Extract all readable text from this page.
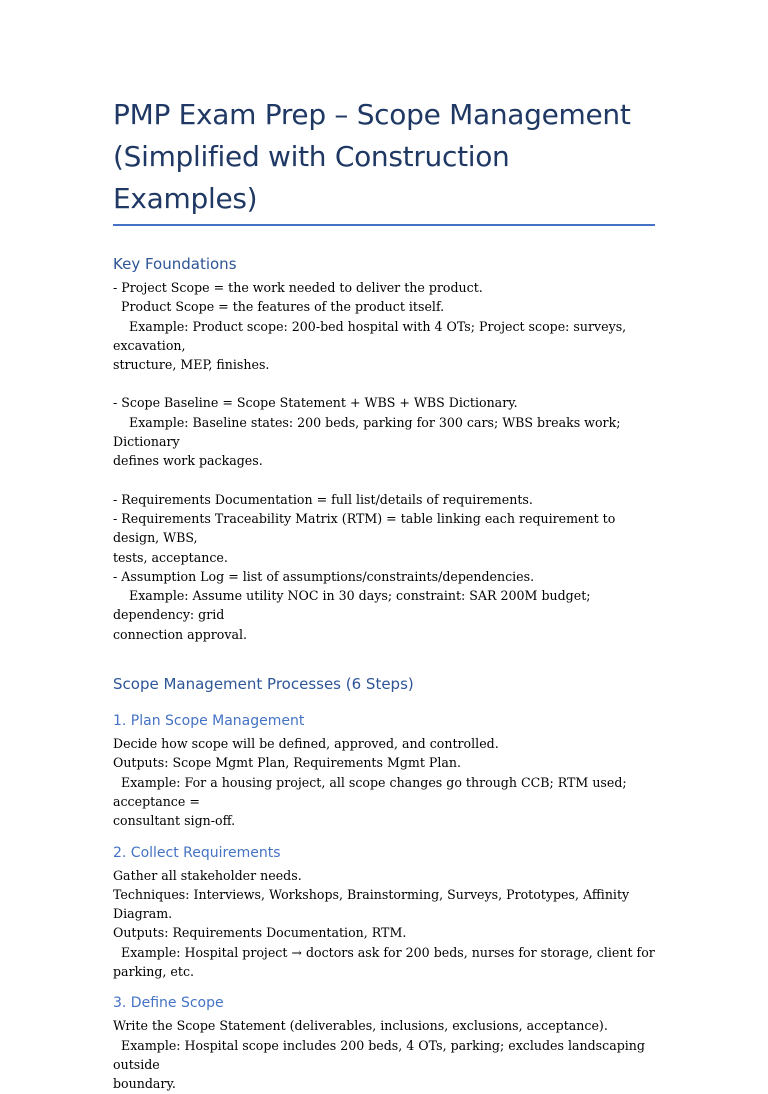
PMP Exam Prep – Scope Management
(Simplified with Construction Examples)
Key Foundations

- Project Scope = the work needed to deliver the product.

Product Scope = the features of the product itself.

Example: Product scope: 200-bed hospital with 4 OTs; Project scope: surveys, excavation,

structure, MEP, finishes.

- Scope Baseline = Scope Statement + WBS + WBS Dictionary.

Example: Baseline states: 200 beds, parking for 300 cars; WBS breaks work; Dictionary

defines work packages.

- Requirements Documentation = full list/details of requirements.

- Requirements Traceability Matrix (RTM) = table linking each requirement to design, WBS,

tests, acceptance.

- Assumption Log = list of assumptions/constraints/dependencies.

Example: Assume utility NOC in 30 days; constraint: SAR 200M budget; dependency: grid

connection approval.

Scope Management Processes (6 Steps)
1. Plan Scope Management

Decide how scope will be defined, approved, and controlled.

Outputs: Scope Mgmt Plan, Requirements Mgmt Plan.

Example: For a housing project, all scope changes go through CCB; RTM used; acceptance =

consultant sign-off.

2. Collect Requirements

Gather all stakeholder needs.

Techniques: Interviews, Workshops, Brainstorming, Surveys, Prototypes, Affinity Diagram.

Outputs: Requirements Documentation, RTM.

Example: Hospital project → doctors ask for 200 beds, nurses for storage, client for

parking, etc.

3. Define Scope

Write the Scope Statement (deliverables, inclusions, exclusions, acceptance).

Example: Hospital scope includes 200 beds, 4 OTs, parking; excludes landscaping outside

boundary.
